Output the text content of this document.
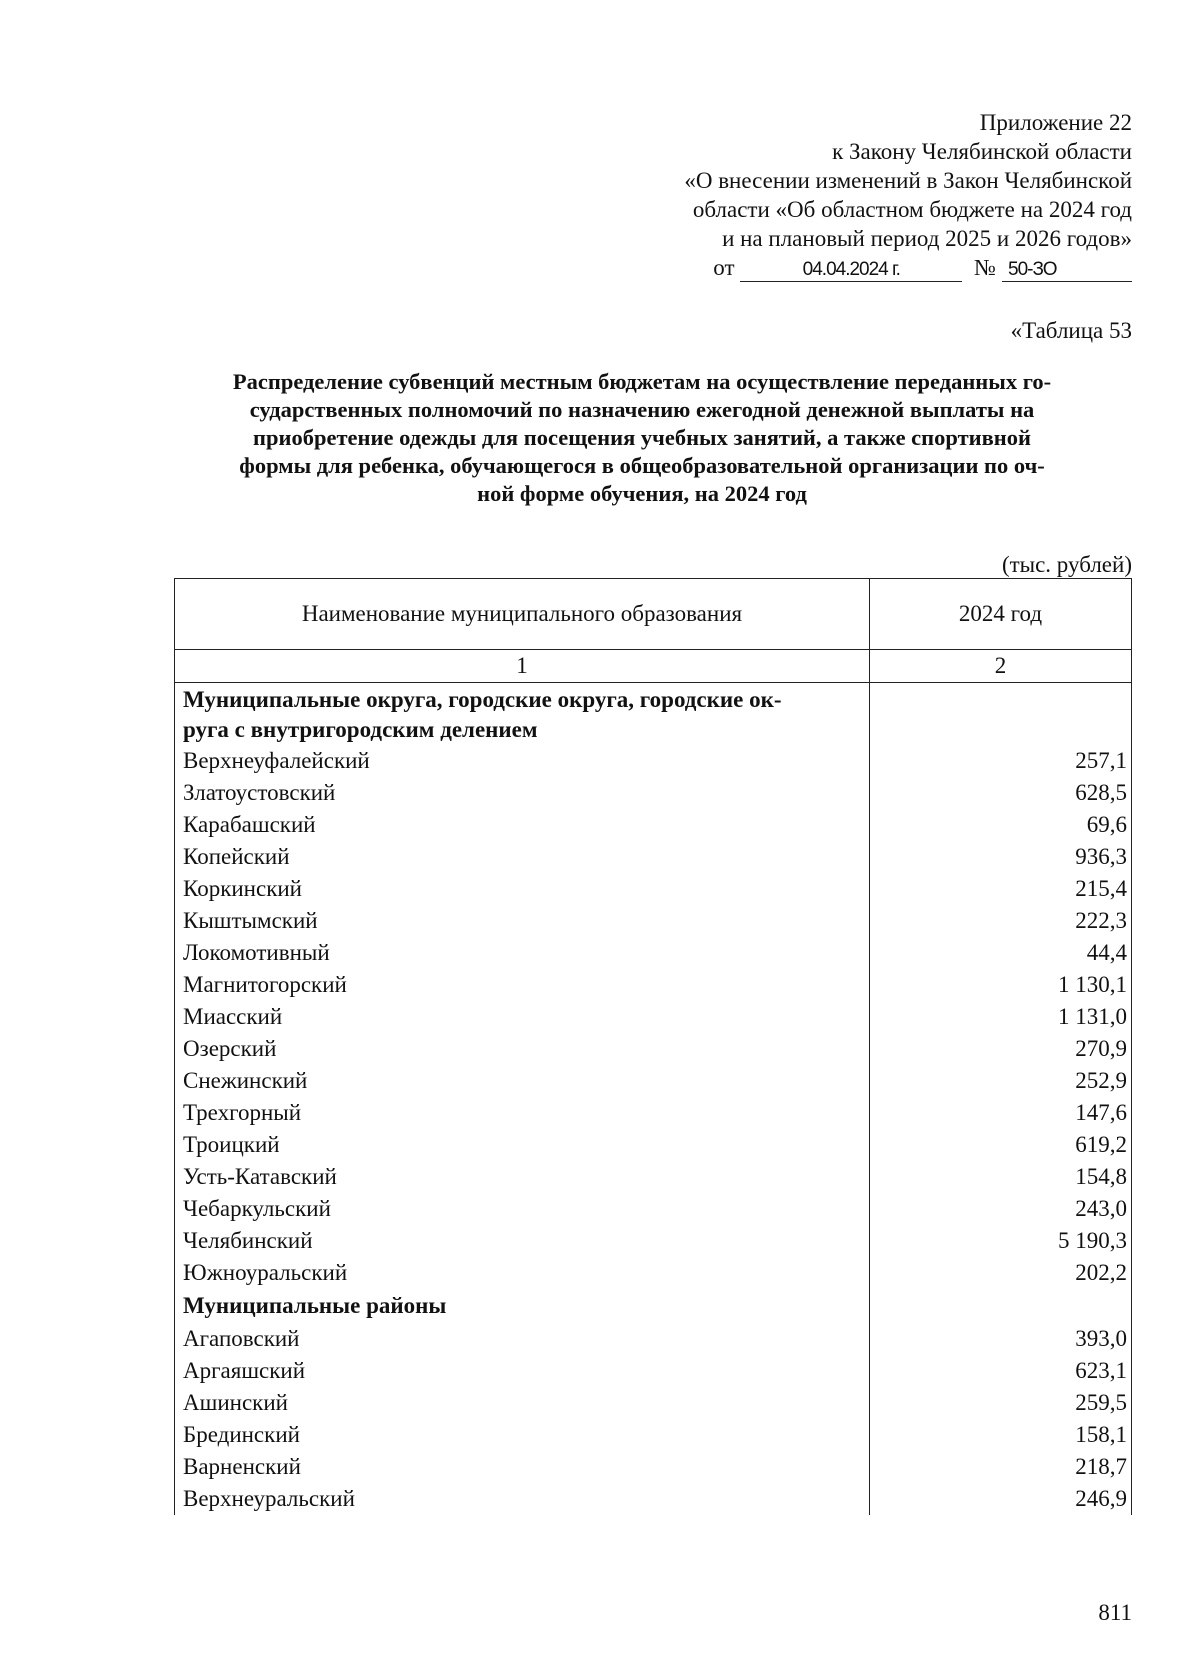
Приложение 22
к Закону Челябинской области
«О внесении изменений в Закон Челябинской
области «Об областном бюджете на 2024 год
и на плановый период 2025 и 2026 годов»
от	04.04.2024 г.	№ 50-ЗО
«Таблица 53
Распределение субвенций местным бюджетам на осуществление переданных го-
сударственных полномочий по назначению ежегодной денежной выплаты на
приобретение одежды для посещения учебных занятий, а также спортивной
формы для ребенка, обучающегося в общеобразовательной организации по оч-
ной форме обучения, на 2024 год
(тыс. рублей)
Наименование муниципального образования	2024 год
1	2

Муниципальные округа, городские округа, городские ок-
руга с внутригородским делением	

Верхнеуфалейский	257,1
Златоустовский	628,5
Карабашский	69,6
Копейский	936,3
Коркинский	215,4
Кыштымский	222,3
Локомотивный	44,4
Магнитогорский	1 130,1
Миасский	1 131,0
Озерский	270,9
Снежинский	252,9
Трехгорный	147,6
Троицкий	619,2
Усть-Катавский	154,8
Чебаркульский	243,0
Челябинский	5 190,3
Южноуральский	202,2
Муниципальные районы	
Агаповский	393,0
Аргаяшский	623,1
Ашинский	259,5
Брединский	158,1
Варненский	218,7
Верхнеуральский	246,9
811
